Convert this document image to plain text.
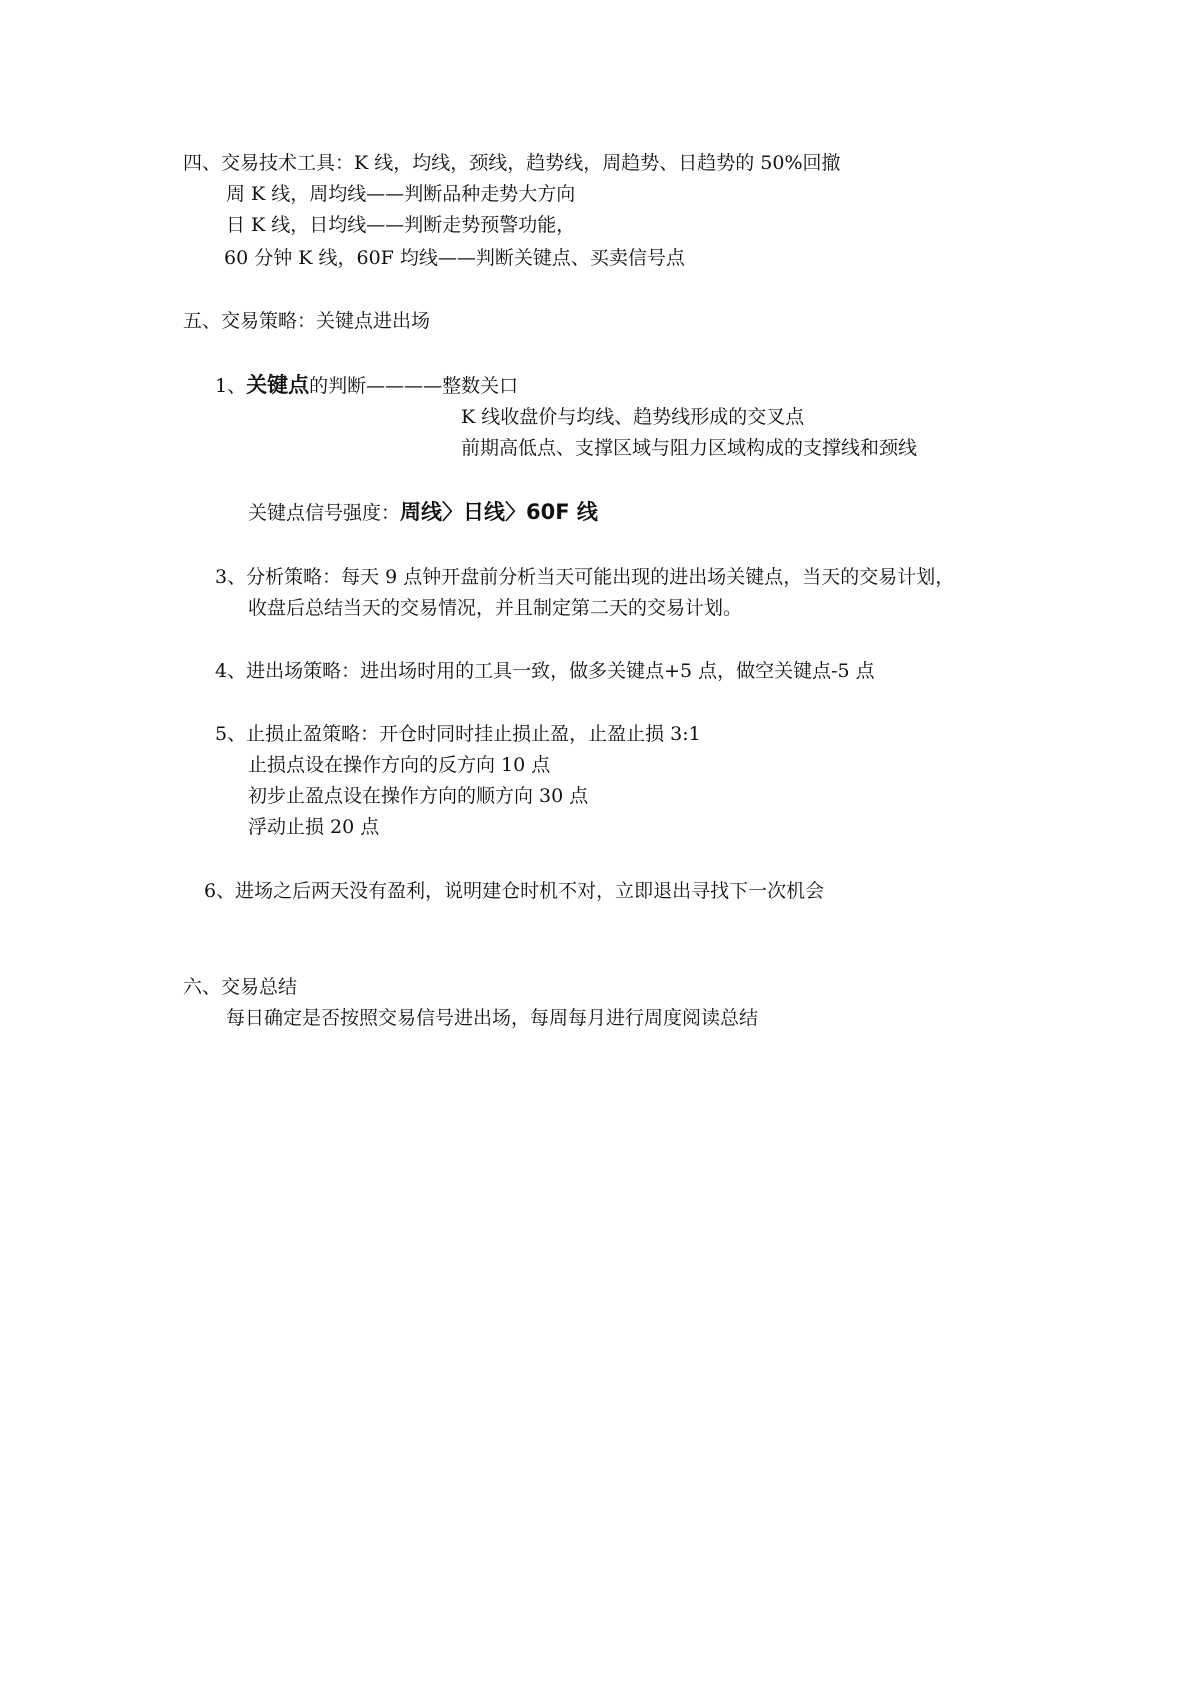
四、交易技术工具：K 线，均线，颈线，趋势线，周趋势、日趋势的 50%回撤
周 K 线，周均线——判断品种走势大方向
日 K 线，日均线——判断走势预警功能，
60 分钟 K 线，60F 均线——判断关键点、买卖信号点
五、交易策略：关键点进出场
1、关键点的判断————整数关口
K 线收盘价与均线、趋势线形成的交叉点
前期高低点、支撑区域与阻力区域构成的支撑线和颈线
关键点信号强度：周线〉日线〉60F 线
3、分析策略：每天 9 点钟开盘前分析当天可能出现的进出场关键点，当天的交易计划，
收盘后总结当天的交易情况，并且制定第二天的交易计划。
4、进出场策略：进出场时用的工具一致，做多关键点+5 点，做空关键点-5 点
5、止损止盈策略：开仓时同时挂止损止盈，止盈止损 3:1
止损点设在操作方向的反方向 10 点
初步止盈点设在操作方向的顺方向 30 点
浮动止损 20 点
6、进场之后两天没有盈利，说明建仓时机不对，立即退出寻找下一次机会
六、交易总结
每日确定是否按照交易信号进出场，每周每月进行周度阅读总结
